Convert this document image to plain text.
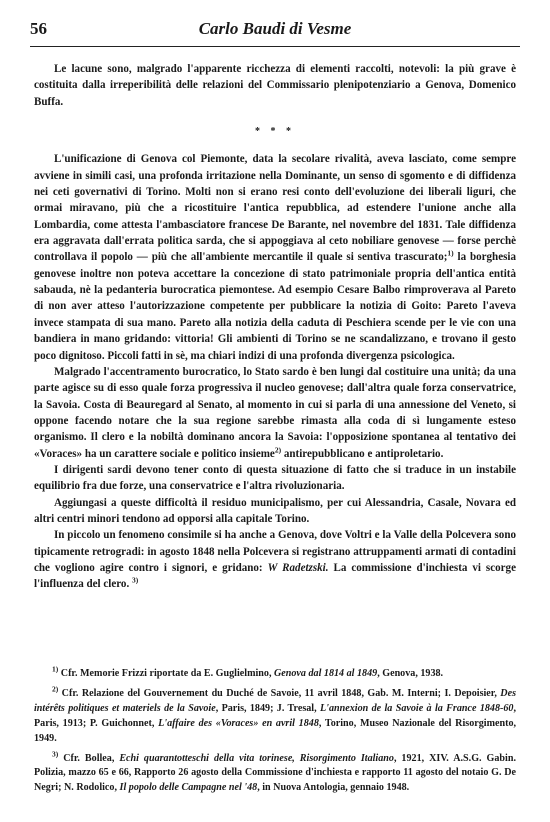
56	Carlo Baudi di Vesme

Le lacune sono, malgrado l'apparente ricchezza di elementi raccolti, notevoli: la più grave è costituita dalla irreperibilità delle relazioni del Commissario plenipotenziario a Genova, Domenico Buffa.

* * *

L'unificazione di Genova col Piemonte, data la secolare rivalità, aveva lasciato, come sempre avviene in simili casi, una profonda irritazione nella Dominante, un senso di sgomento e di diffidenza nei ceti governativi di Torino. Molti non si erano resi conto dell'evoluzione dei liberali liguri, che ormai miravano, più che a ricostituire l'antica repubblica, ad estendere l'unione anche alla Lombardia, come attesta l'ambasciatore francese De Barante, nel novembre del 1831. Tale diffidenza era aggravata dall'errata politica sarda, che si appoggiava al ceto nobiliare genovese — forse perchè controllava il popolo — più che all'ambiente mercantile il quale si sentiva trascurato;$^{1)}$ la borghesia genovese inoltre non poteva accettare la concezione di stato patrimoniale propria dell'antica entità sabauda, nè la pedanteria burocratica piemontese. Ad esempio Cesare Balbo rimproverava al Pareto di non aver atteso l'autorizzazione competente per pubblicare la notizia di Goito: Pareto l'aveva invece stampata di sua mano. Pareto alla notizia della caduta di Peschiera scende per le vie con una bandiera in mano gridando: vittoria! Gli ambienti di Torino se ne scandalizzano, e trovano il gesto poco dignitoso. Piccoli fatti in sè, ma chiari indizi di una profonda divergenza psicologica.

Malgrado l'accentramento burocratico, lo Stato sardo è ben lungi dal costituire una unità; da una parte agisce su di esso quale forza progressiva il nucleo genovese; dall'altra quale forza conservatrice, la Savoia. Costa di Beauregard al Senato, al momento in cui si parla di una annessione del Veneto, si oppone facendo notare che la sua regione sarebbe rimasta alla coda di sì lungamente esteso organismo. Il clero e la nobiltà dominano ancora la Savoia: l'opposizione spontanea al tentativo dei «Voraces» ha un carattere sociale e politico insieme$^{2)}$ antirepubblicano e antiproletario.

I dirigenti sardi devono tener conto di questa situazione di fatto che si traduce in un instabile equilibrio fra due forze, una conservatrice e l'altra rivoluzionaria.

Aggiungasi a queste difficoltà il residuo municipalismo, per cui Alessandria, Casale, Novara ed altri centri minori tendono ad opporsi alla capitale Torino.

In piccolo un fenomeno consimile si ha anche a Genova, dove Voltri e la Valle della Polcevera sono tipicamente retrogradi: in agosto 1848 nella Polcevera si registrano attruppamenti armati di contadini che vogliono agire contro i signori, e gridano: W Radetzski. La commissione d'inchiesta vi scorge l'influenza del clero. $^{3)}$

$^{1)}$ Cfr. Memorie Frizzi riportate da E. Guglielmino, Genova dal 1814 al 1849, Genova, 1938.

$^{2)}$ Cfr. Relazione del Gouvernement du Duché de Savoie, 11 avril 1848, Gab. M. Interni; I. Depoisier, Des intérêts politiques et materiels de la Savoie, Paris, 1849; J. Tresal, L'annexion de la Savoie à la France 1848-60, Paris, 1913; P. Guichonnet, L'affaire des «Voraces» en avril 1848, Torino, Museo Nazionale del Risorgimento, 1949.

$^{3)}$ Cfr. Bollea, Echi quarantotteschi della vita torinese, Risorgimento Italiano, 1921, XIV. A.S.G. Gabin. Polizia, mazzo 65 e 66, Rapporto 26 agosto della Commissione d'inchiesta e rapporto 11 agosto del notaio G. De Negri; N. Rodolico, Il popolo delle Campagne nel '48, in Nuova Antologia, gennaio 1948.
